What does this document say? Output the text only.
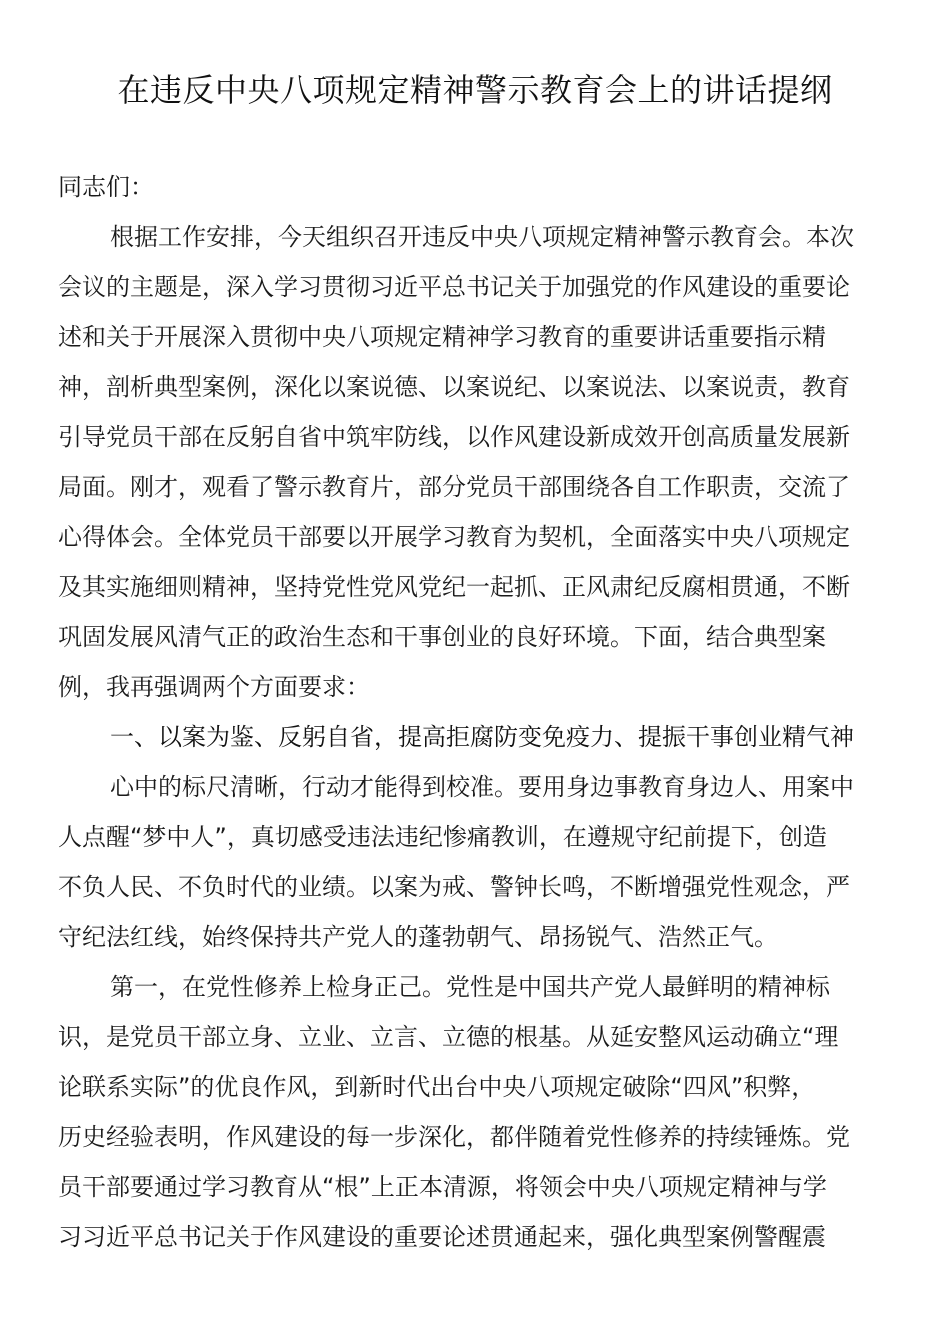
在违反中央八项规定精神警示教育会上的讲话提纲
同志们：
根据工作安排，今天组织召开违反中央八项规定精神警示教育会。本次
会议的主题是，深入学习贯彻习近平总书记关于加强党的作风建设的重要论
述和关于开展深入贯彻中央八项规定精神学习教育的重要讲话重要指示精
神，剖析典型案例，深化以案说德、以案说纪、以案说法、以案说责，教育
引导党员干部在反躬自省中筑牢防线，以作风建设新成效开创高质量发展新
局面。刚才，观看了警示教育片，部分党员干部围绕各自工作职责，交流了
心得体会。全体党员干部要以开展学习教育为契机，全面落实中央八项规定
及其实施细则精神，坚持党性党风党纪一起抓、正风肃纪反腐相贯通，不断
巩固发展风清气正的政治生态和干事创业的良好环境。下面，结合典型案
例，我再强调两个方面要求：
一、以案为鉴、反躬自省，提高拒腐防变免疫力、提振干事创业精气神
心中的标尺清晰，行动才能得到校准。要用身边事教育身边人、用案中
人点醒“梦中人”，真切感受违法违纪惨痛教训，在遵规守纪前提下，创造
不负人民、不负时代的业绩。以案为戒、警钟长鸣，不断增强党性观念，严
守纪法红线，始终保持共产党人的蓬勃朝气、昂扬锐气、浩然正气。
第一，在党性修养上检身正己。党性是中国共产党人最鲜明的精神标
识，是党员干部立身、立业、立言、立德的根基。从延安整风运动确立“理
论联系实际”的优良作风，到新时代出台中央八项规定破除“四风”积弊，
历史经验表明，作风建设的每一步深化，都伴随着党性修养的持续锤炼。党
员干部要通过学习教育从“根”上正本清源，将领会中央八项规定精神与学
习习近平总书记关于作风建设的重要论述贯通起来，强化典型案例警醒震
